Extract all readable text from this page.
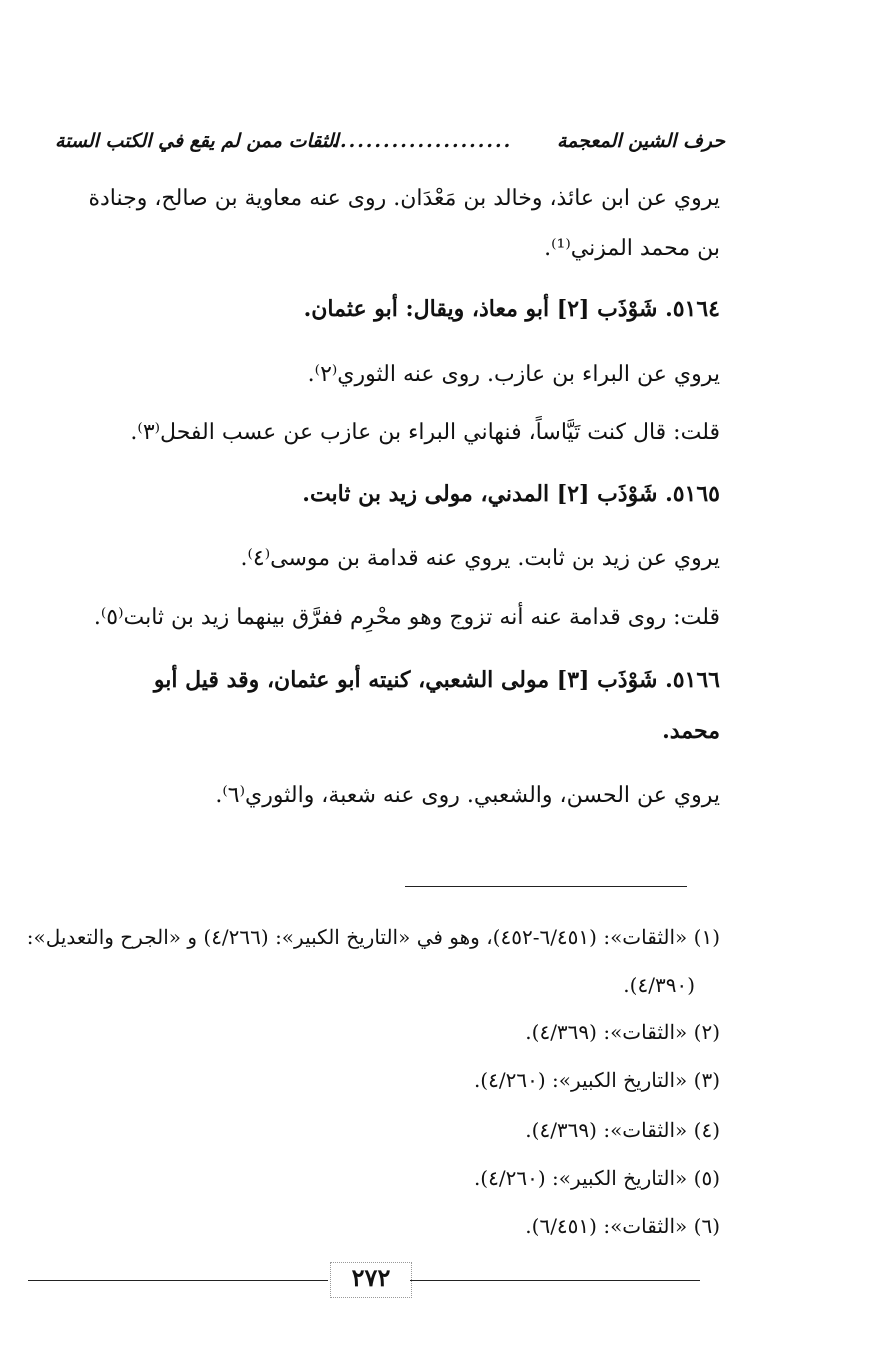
حرف الشين المعجمة
......................
الثقات ممن لم يقع في الكتب الستة
يروي عن ابن عائذ، وخالد بن مَعْدَان. روى عنه معاوية بن صالح، وجنادة
بن محمد المزني⁽¹⁾.
٥١٦٤. شَوْذَب [٢] أبو معاذ، ويقال: أبو عثمان.
يروي عن البراء بن عازب. روى عنه الثوري⁽٢⁾.
قلت: قال كنت تَيَّاساً، فنهاني البراء بن عازب عن عسب الفحل⁽٣⁾.
٥١٦٥. شَوْذَب [٢] المدني، مولى زيد بن ثابت.
يروي عن زيد بن ثابت. يروي عنه قدامة بن موسى⁽٤⁾.
قلت: روى قدامة عنه أنه تزوج وهو محْرِم ففرَّق بينهما زيد بن ثابت⁽٥⁾.
٥١٦٦. شَوْذَب [٣] مولى الشعبي، كنيته أبو عثمان، وقد قيل أبو
محمد.
يروي عن الحسن، والشعبي. روى عنه شعبة، والثوري⁽٦⁾.
(١) «الثقات»: (٦/٤٥١-٤٥٢)، وهو في «التاريخ الكبير»: (٤/٢٦٦) و «الجرح والتعديل»:
(٤/٣٩٠).
(٢) «الثقات»: (٤/٣٦٩).
(٣) «التاريخ الكبير»: (٤/٢٦٠).
(٤) «الثقات»: (٤/٣٦٩).
(٥) «التاريخ الكبير»: (٤/٢٦٠).
(٦) «الثقات»: (٦/٤٥١).
٢٧٢
